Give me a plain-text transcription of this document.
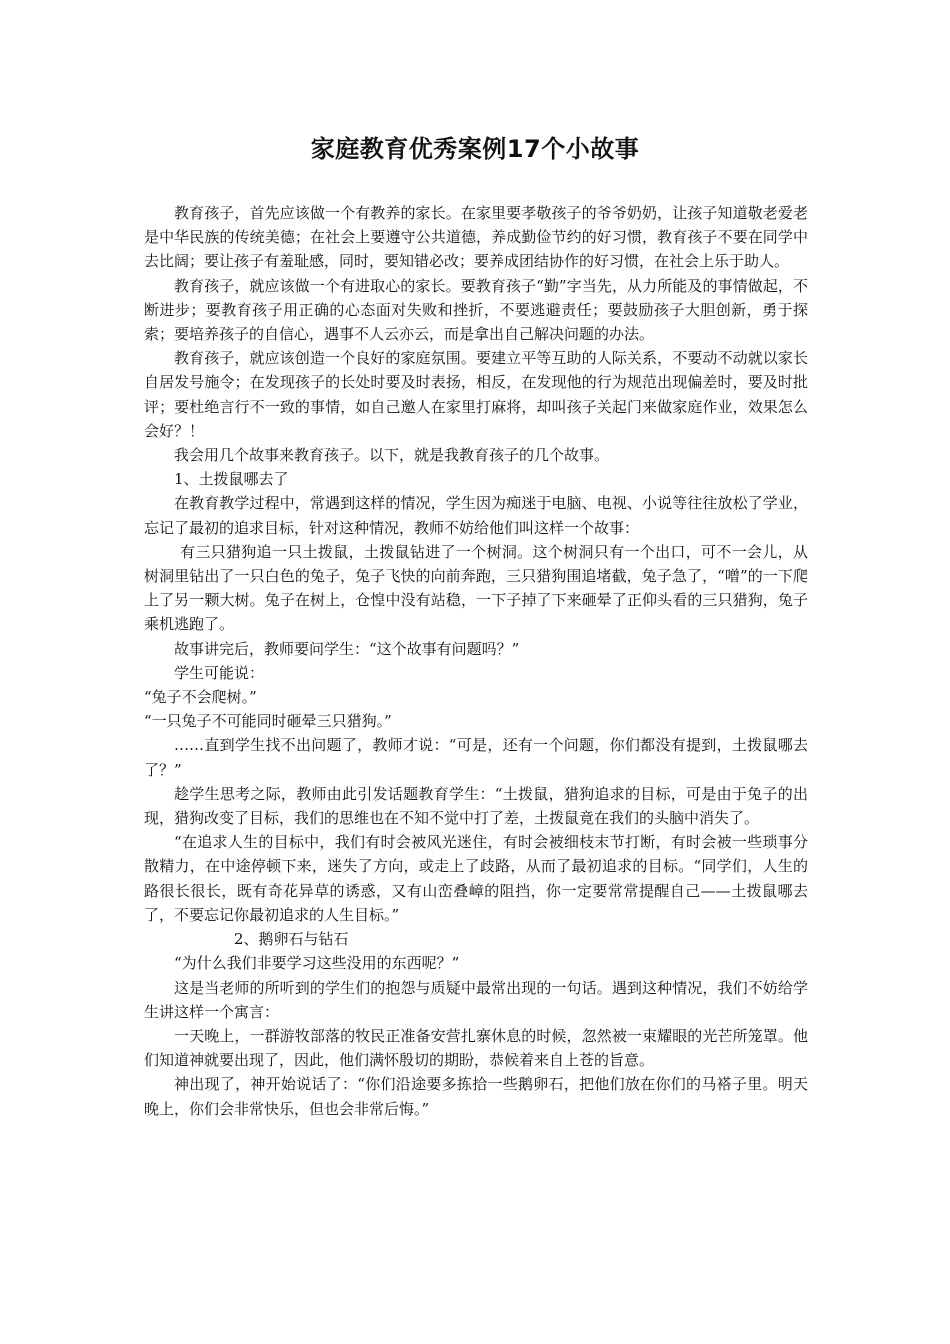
家庭教育优秀案例17个小故事

教育孩子，首先应该做一个有教养的家长。在家里要孝敬孩子的爷爷奶奶，让孩子知道敬老爱老是中华民族的传统美德；在社会上要遵守公共道德，养成勤俭节约的好习惯，教育孩子不要在同学中去比阔；要让孩子有羞耻感，同时，要知错必改；要养成团结协作的好习惯，在社会上乐于助人。

教育孩子，就应该做一个有进取心的家长。要教育孩子“勤”字当先，从力所能及的事情做起，不断进步；要教育孩子用正确的心态面对失败和挫折，不要逃避责任；要鼓励孩子大胆创新，勇于探索；要培养孩子的自信心，遇事不人云亦云，而是拿出自己解决问题的办法。

教育孩子，就应该创造一个良好的家庭氛围。要建立平等互助的人际关系，不要动不动就以家长自居发号施令；在发现孩子的长处时要及时表扬，相反，在发现他的行为规范出现偏差时，要及时批评；要杜绝言行不一致的事情，如自己邀人在家里打麻将，却叫孩子关起门来做家庭作业，效果怎么会好？！

我会用几个故事来教育孩子。以下，就是我教育孩子的几个故事。

1、土拨鼠哪去了

在教育教学过程中，常遇到这样的情况，学生因为痴迷于电脑、电视、小说等往往放松了学业，忘记了最初的追求目标，针对这种情况，教师不妨给他们叫这样一个故事：

有三只猎狗追一只土拨鼠，土拨鼠钻进了一个树洞。这个树洞只有一个出口，可不一会儿，从树洞里钻出了一只白色的兔子，兔子飞快的向前奔跑，三只猎狗围追堵截，兔子急了，“噌”的一下爬上了另一颗大树。兔子在树上，仓惶中没有站稳，一下子掉了下来砸晕了正仰头看的三只猎狗，兔子乘机逃跑了。

故事讲完后，教师要问学生：“这个故事有问题吗？”

学生可能说：

“兔子不会爬树。”

“一只兔子不可能同时砸晕三只猎狗。”

……直到学生找不出问题了，教师才说：“可是，还有一个问题，你们都没有提到，土拨鼠哪去了？”

趁学生思考之际，教师由此引发话题教育学生：“土拨鼠，猎狗追求的目标，可是由于兔子的出现，猎狗改变了目标，我们的思维也在不知不觉中打了差，土拨鼠竟在我们的头脑中消失了。

“在追求人生的目标中，我们有时会被风光迷住，有时会被细枝末节打断，有时会被一些琐事分散精力，在中途停顿下来，迷失了方向，或走上了歧路，从而了最初追求的目标。“同学们，人生的路很长很长，既有奇花异草的诱惑，又有山峦叠嶂的阻挡，你一定要常常提醒自己——土拨鼠哪去了，不要忘记你最初追求的人生目标。”

2、鹅卵石与钻石

“为什么我们非要学习这些没用的东西呢？”

这是当老师的所听到的学生们的抱怨与质疑中最常出现的一句话。遇到这种情况，我们不妨给学生讲这样一个寓言：

一天晚上，一群游牧部落的牧民正准备安营扎寨休息的时候，忽然被一束耀眼的光芒所笼罩。他们知道神就要出现了，因此，他们满怀殷切的期盼，恭候着来自上苍的旨意。

神出现了，神开始说话了：“你们沿途要多拣拾一些鹅卵石，把他们放在你们的马褡子里。明天晚上，你们会非常快乐，但也会非常后悔。”
